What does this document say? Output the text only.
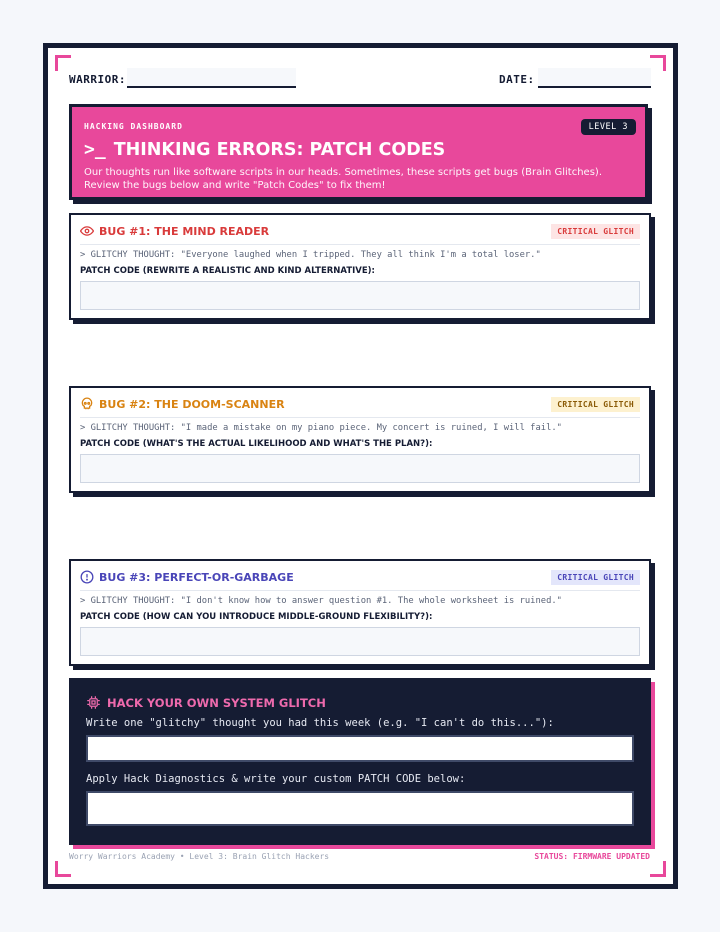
WARRIOR:	DATE:
HACKING DASHBOARD	LEVEL 3
>_ THINKING ERRORS: PATCH CODES
Our thoughts run like software scripts in our heads. Sometimes, these scripts get bugs (Brain Glitches). Review the bugs below and write "Patch Codes" to fix them!
BUG #1: THE MIND READER	CRITICAL GLITCH
> GLITCHY THOUGHT: "Everyone laughed when I tripped. They all think I'm a total loser."
PATCH CODE (REWRITE A REALISTIC AND KIND ALTERNATIVE):
BUG #2: THE DOOM-SCANNER	CRITICAL GLITCH
> GLITCHY THOUGHT: "I made a mistake on my piano piece. My concert is ruined, I will fail."
PATCH CODE (WHAT'S THE ACTUAL LIKELIHOOD AND WHAT'S THE PLAN?):
BUG #3: PERFECT-OR-GARBAGE	CRITICAL GLITCH
> GLITCHY THOUGHT: "I don't know how to answer question #1. The whole worksheet is ruined."
PATCH CODE (HOW CAN YOU INTRODUCE MIDDLE-GROUND FLEXIBILITY?):
HACK YOUR OWN SYSTEM GLITCH
Write one "glitchy" thought you had this week (e.g. "I can't do this..."):
Apply Hack Diagnostics & write your custom PATCH CODE below:
Worry Warriors Academy • Level 3: Brain Glitch Hackers	STATUS: FIRMWARE UPDATED
